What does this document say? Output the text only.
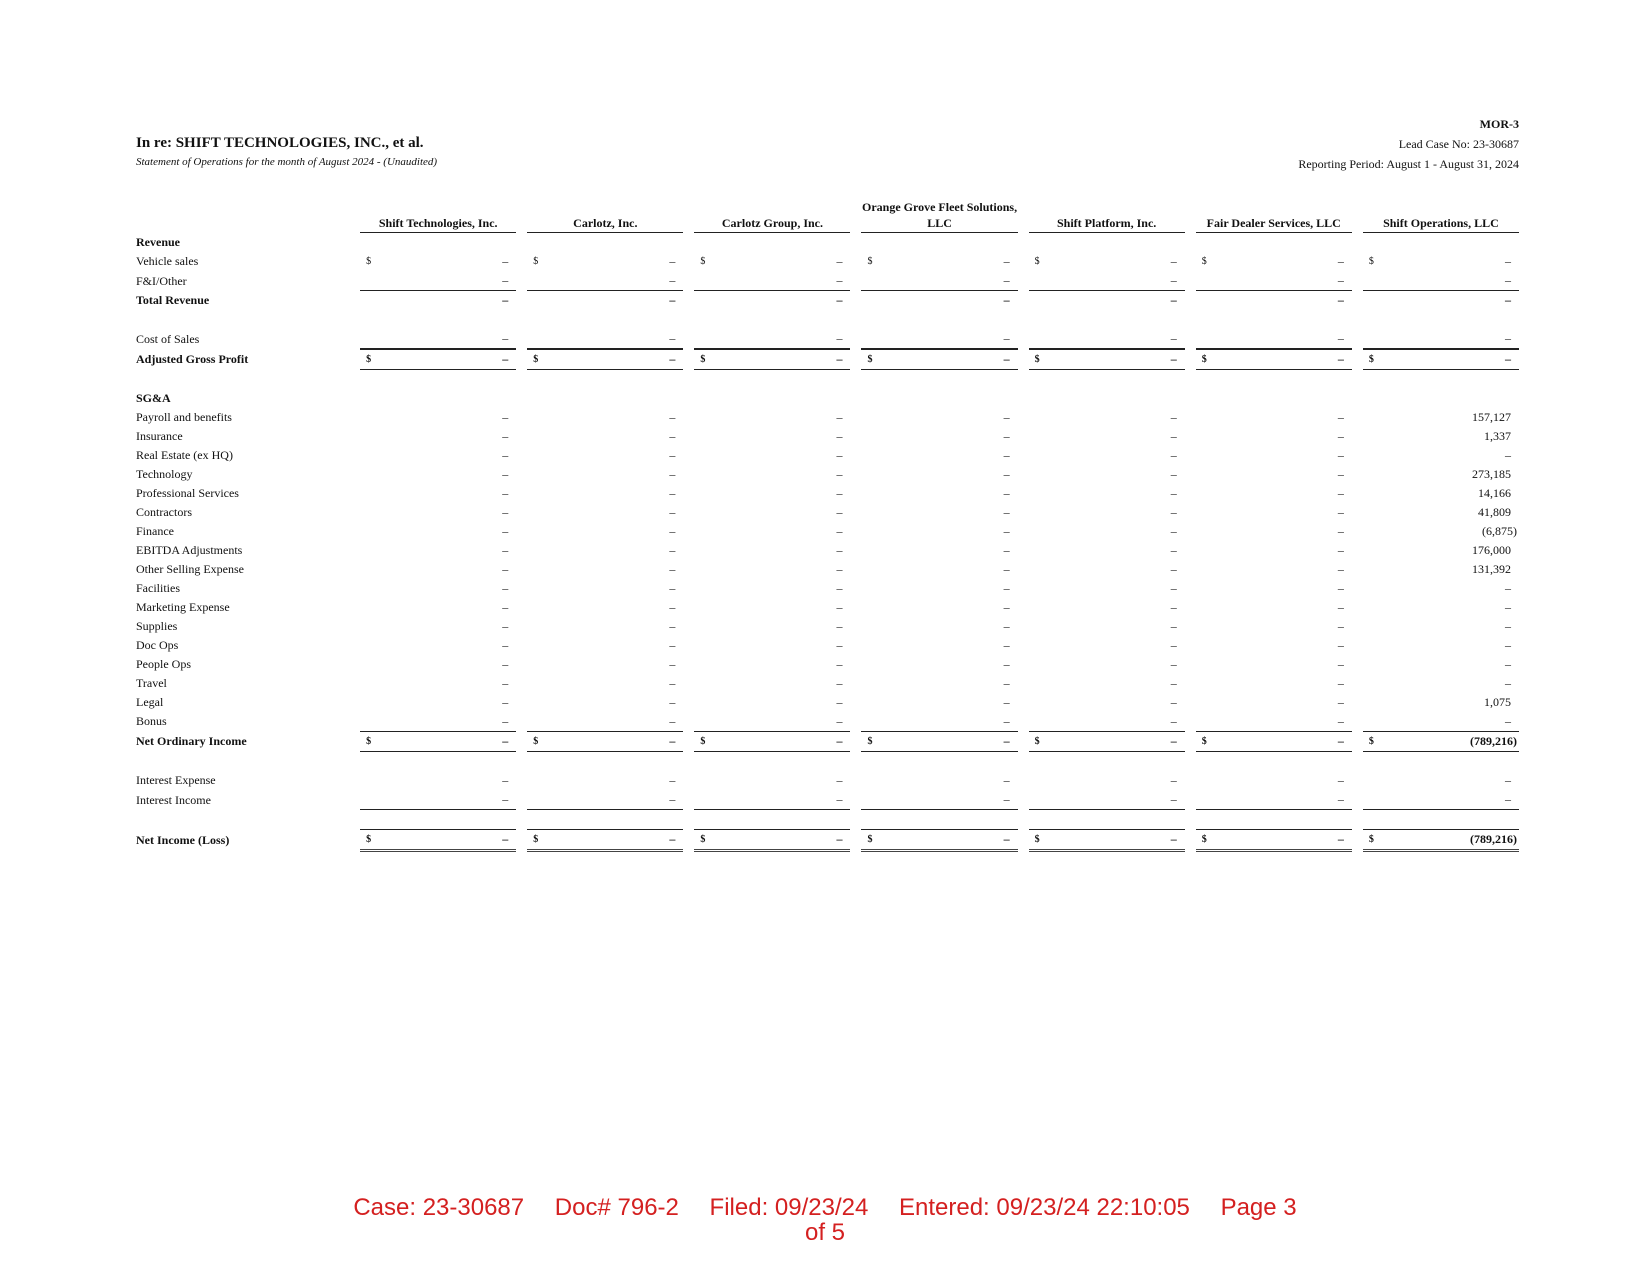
In re: SHIFT TECHNOLOGIES, INC., et al.
Statement of Operations for the month of August 2024 - (Unaudited)
MOR-3
Lead Case No: 23-30687
Reporting Period: August 1 - August 31, 2024
	Shift Technologies, Inc.		Carlotz, Inc.		Carlotz Group, Inc.		Orange Grove Fleet Solutions, LLC		Shift Platform, Inc.		Fair Dealer Services, LLC		Shift Operations, LLC
Revenue													
Vehicle sales	$ –		$ –		$ –		$ –		$ –		$ –		$ –

F&I/Other	–		–		–		–		–		–		–

Total Revenue	–		–		–		–		–		–		–

Cost of Sales	–		–		–		–		–		–		–

Adjusted Gross Profit	$ –		$ –		$ –		$ –		$ –		$ –		$ –

SG&A													
Payroll and benefits	–		–		–		–		–		–		157,127

Insurance	–		–		–		–		–		–		1,337

Real Estate (ex HQ)	–		–		–		–		–		–		–

Technology	–		–		–		–		–		–		273,185

Professional Services	–		–		–		–		–		–		14,166

Contractors	–		–		–		–		–		–		41,809

Finance	–		–		–		–		–		–		(6,875)

EBITDA Adjustments	–		–		–		–		–		–		176,000

Other Selling Expense	–		–		–		–		–		–		131,392

Facilities	–		–		–		–		–		–		–

Marketing Expense	–		–		–		–		–		–		–

Supplies	–		–		–		–		–		–		–

Doc Ops	–		–		–		–		–		–		–

People Ops	–		–		–		–		–		–		–

Travel	–		–		–		–		–		–		–

Legal	–		–		–		–		–		–		1,075

Bonus	–		–		–		–		–		–		–

Net Ordinary Income	$ –		$ –		$ –		$ –		$ –		$ –		$ (789,216)

Interest Expense	–		–		–		–		–		–		–

Interest Income	–		–		–		–		–		–		–

Net Income (Loss)	$ –		$ –		$ –		$ –		$ –		$ –		$ (789,216)
Case: 23-30687 Doc# 796-2 Filed: 09/23/24 Entered: 09/23/24 22:10:05 Page 3
of 5
